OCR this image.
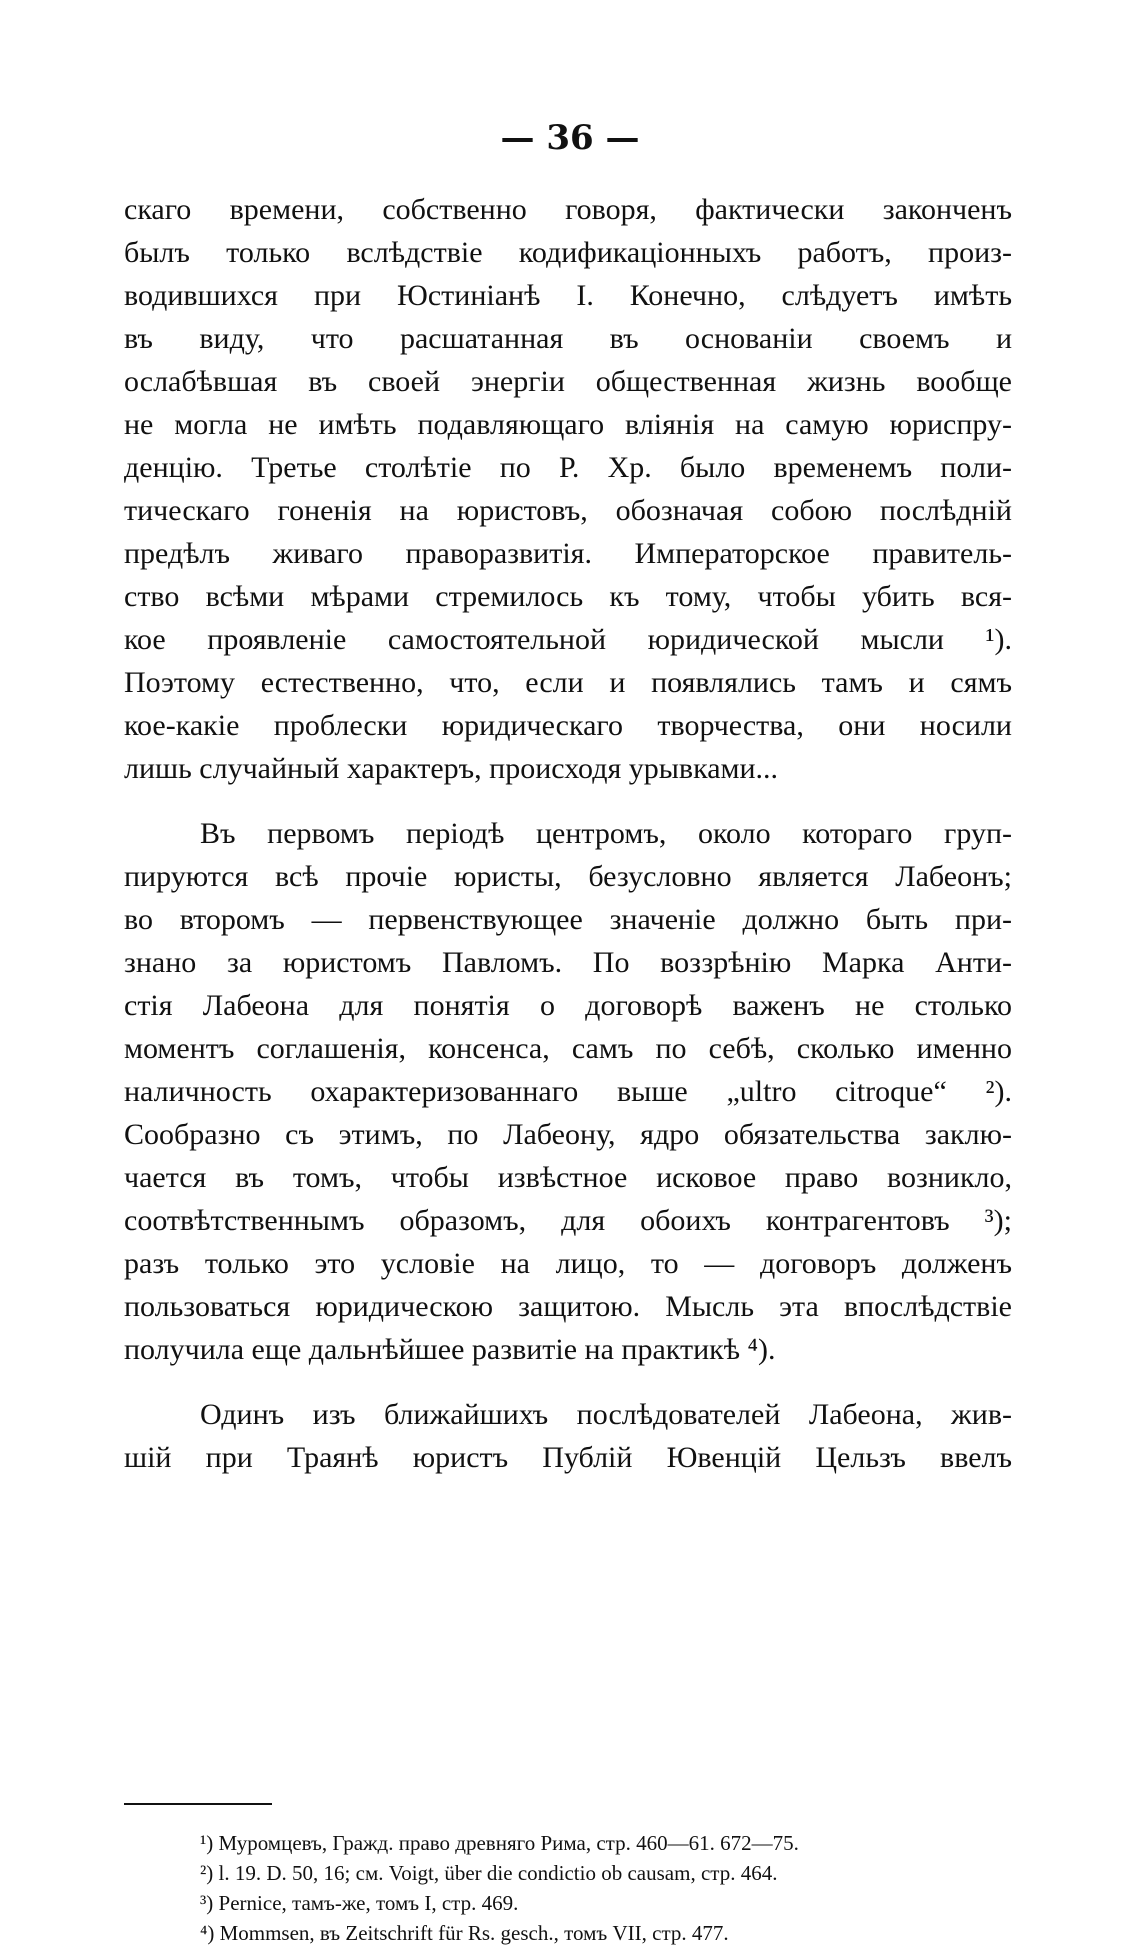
— 36 —

скаго времени, собственно говоря, фактически законченъ
былъ только вслѣдствіе кодификаціонныхъ работъ, произ-
водившихся при Юстиніанѣ I. Конечно, слѣдуетъ имѣть
въ виду, что расшатанная въ основаніи своемъ и
ослабѣвшая въ своей энергіи общественная жизнь вообще
не могла не имѣть подавляющаго вліянія на самую юриспру-
денцію. Третье столѣтіе по Р. Хр. было временемъ поли-
тическаго гоненія на юристовъ, обозначая собою послѣдній
предѣлъ живаго праворазвитія. Императорское правитель-
ство всѣми мѣрами стремилось къ тому, чтобы убить вся-
кое проявленіе самостоятельной юридической мысли ¹).
Поэтому естественно, что, если и появлялись тамъ и сямъ
кое-какіе проблески юридическаго творчества, они носили
лишь случайный характеръ, происходя урывками...

Въ первомъ періодѣ центромъ, около котораго груп-
пируются всѣ прочіе юристы, безусловно является Лабеонъ;
во второмъ — первенствующее значеніе должно быть при-
знано за юристомъ Павломъ. По воззрѣнію Марка Анти-
стія Лабеона для понятія о договорѣ важенъ не столько
моментъ соглашенія, консенса, самъ по себѣ, сколько именно
наличность охарактеризованнаго выше „ultro citroque“ ²).
Сообразно съ этимъ, по Лабеону, ядро обязательства заклю-
чается въ томъ, чтобы извѣстное исковое право возникло,
соотвѣтственнымъ образомъ, для обоихъ контрагентовъ ³);
разъ только это условіе на лицо, то — договоръ долженъ
пользоваться юридическою защитою. Мысль эта впослѣдствіе
получила еще дальнѣйшее развитіе на практикѣ ⁴).

Одинъ изъ ближайшихъ послѣдователей Лабеона, жив-
шій при Траянѣ юристъ Публій Ювенцій Цельзъ ввелъ

¹) Муромцевъ, Гражд. право древняго Рима, стр. 460—61. 672—75.
²) l. 19. D. 50, 16; см. Voigt, über die condictio ob causam, стр. 464.
³) Pernice, тамъ-же, томъ I, стр. 469.
⁴) Mommsen, въ Zeitschrift für Rs. gesch., томъ VII, стр. 477.
